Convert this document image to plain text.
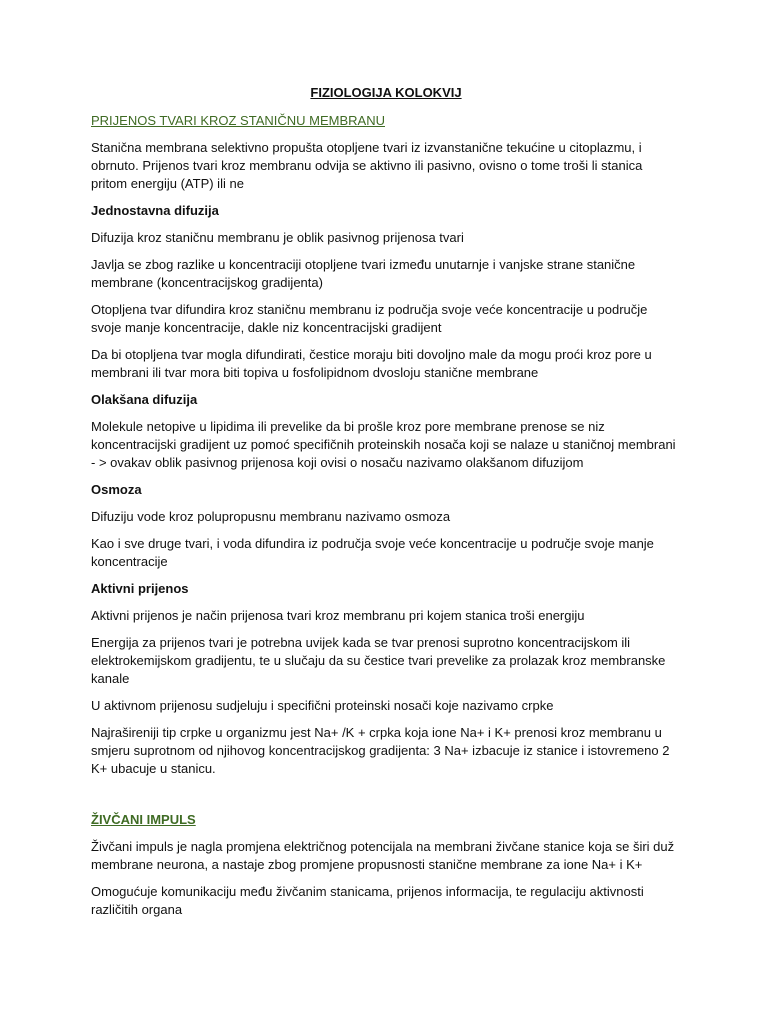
FIZIOLOGIJA KOLOKVIJ
PRIJENOS TVARI KROZ STANIČNU MEMBRANU

Stanična membrana selektivno propušta otopljene tvari iz izvanstanične tekućine u citoplazmu, i obrnuto. Prijenos tvari kroz membranu odvija se aktivno ili pasivno, ovisno o tome troši li stanica pritom energiju (ATP) ili ne

Jednostavna difuzija

Difuzija kroz staničnu membranu je oblik pasivnog prijenosa tvari

Javlja se zbog razlike u koncentraciji otopljene tvari između unutarnje i vanjske strane stanične membrane (koncentracijskog gradijenta)

Otopljena tvar difundira kroz staničnu membranu iz područja svoje veće koncentracije u područje svoje manje koncentracije, dakle niz koncentracijski gradijent

Da bi otopljena tvar mogla difundirati, čestice moraju biti dovoljno male da mogu proći kroz pore u membrani ili tvar mora biti topiva u fosfolipidnom dvosloju stanične membrane

Olakšana difuzija

Molekule netopive u lipidima ili prevelike da bi prošle kroz pore membrane prenose se niz koncentracijski gradijent uz pomoć specifičnih proteinskih nosača koji se nalaze u staničnoj membrani - > ovakav oblik pasivnog prijenosa koji ovisi o nosaču nazivamo olakšanom difuzijom

Osmoza

Difuziju vode kroz polupropusnu membranu nazivamo osmoza

Kao i sve druge tvari, i voda difundira iz područja svoje veće koncentracije u područje svoje manje koncentracije

Aktivni prijenos

Aktivni prijenos je način prijenosa tvari kroz membranu pri kojem stanica troši energiju

Energija za prijenos tvari je potrebna uvijek kada se tvar prenosi suprotno koncentracijskom ili elektrokemijskom gradijentu, te u slučaju da su čestice tvari prevelike za prolazak kroz membranske kanale

U aktivnom prijenosu sudjeluju i specifični proteinski nosači koje nazivamo crpke

Najrašireniji tip crpke u organizmu jest Na+ /K + crpka koja ione Na+ i K+ prenosi kroz membranu u smjeru suprotnom od njihovog koncentracijskog gradijenta: 3 Na+ izbacuje iz stanice i istovremeno 2 K+ ubacuje u stanicu.

ŽIVČANI IMPULS

Živčani impuls je nagla promjena električnog potencijala na membrani živčane stanice koja se širi duž membrane neurona, a nastaje zbog promjene propusnosti stanične membrane za ione Na+ i K+

Omogućuje komunikaciju među živčanim stanicama, prijenos informacija, te regulaciju aktivnosti različitih organa
